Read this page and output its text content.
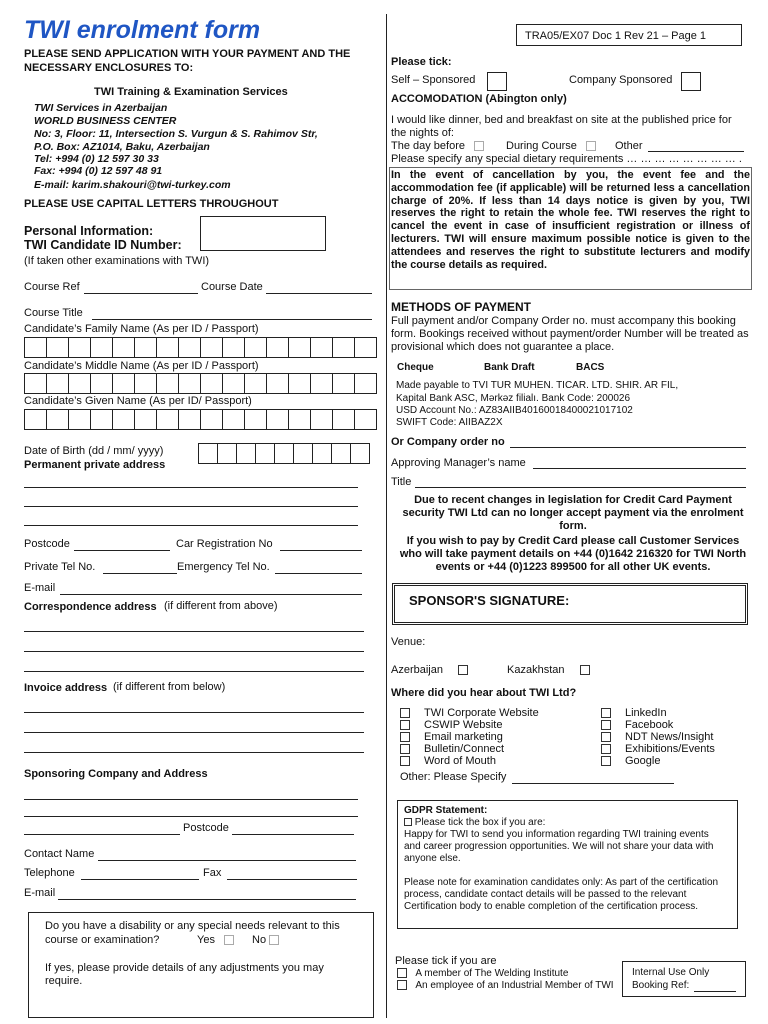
TWI enrolment form
PLEASE SEND APPLICATION WITH YOUR PAYMENT AND THE
NECESSARY ENCLOSURES TO:
TWI Training & Examination Services
TWI Services in Azerbaijan
WORLD BUSINESS CENTER
No: 3, Floor: 11, Intersection S. Vurgun & S. Rahimov Str,
P.O. Box: AZ1014, Baku, Azerbaijan
Tel: +994 (0) 12 597 30 33
Fax: +994 (0) 12 597 48 91
E-mail: karim.shakouri@twi-turkey.com
PLEASE USE CAPITAL LETTERS THROUGHOUT
Personal Information:
TWI Candidate ID Number:
(If taken other examinations with TWI)
Course Ref	Course Date
Course Title
Candidate’s Family Name (As per ID / Passport)
Candidate’s Middle Name (As per ID / Passport)
Candidate’s Given Name (As per ID/ Passport)
Date of Birth (dd / mm/ yyyy)
Permanent private address
Postcode	Car Registration No
Private Tel No.	Emergency Tel No.
E-mail
Correspondence address (if different from above)
Invoice address (if different from below)
Sponsoring Company and Address
Postcode
Contact Name
Telephone	Fax
E-mail
Do you have a disability or any special needs relevant to this
course or examination?	Yes	No
If yes, please provide details of any adjustments you may
require.
TRA05/EX07 Doc 1 Rev 21 – Page 1
Please tick:
Self – Sponsored	Company Sponsored
ACCOMODATION (Abington only)
I would like dinner, bed and breakfast on site at the published price for
the nights of:
The day before	During Course	Other
Please specify any special dietary requirements … … … … … … … … .
In the event of cancellation by you, the event fee and the accommodation fee (if applicable) will be returned less a cancellation charge of 20%. If less than 14 days notice is given by you, TWI reserves the right to retain the whole fee. TWI reserves the right to cancel the event in case of insufficient registration or illness of lecturers. TWI will ensure maximum possible notice is given to the attendees and reserves the right to substitute lecturers and modify the course details as required.
METHODS OF PAYMENT
Full payment and/or Company Order no. must accompany this booking form. Bookings received without payment/order Number will be treated as provisional which does not guarantee a place.
Cheque	Bank Draft	BACS
Made payable to TVI TUR MUHEN. TICAR. LTD. SHIR. AR FIL,
Kapital Bank ASC, Mərkəz filialı. Bank Code: 200026
USD Account No.: AZ83AIIB40160018400021017102
SWIFT Code: AIIBAZ2X
Or Company order no
Approving Manager’s name
Title
Due to recent changes in legislation for Credit Card Payment security TWI Ltd can no longer accept payment via the enrolment form.
If you wish to pay by Credit Card please call Customer Services who will take payment details on +44 (0)1642 216320 for TWI North events or +44 (0)1223 899500 for all other UK events.
SPONSOR'S SIGNATURE:
Venue:
Azerbaijan	Kazakhstan
Where did you hear about TWI Ltd?
TWI Corporate Website
CSWIP Website
Email marketing
Bulletin/Connect
Word of Mouth
LinkedIn
Facebook
NDT News/Insight
Exhibitions/Events
Google
Other: Please Specify
GDPR Statement:
Please tick the box if you are:
Happy for TWI to send you information regarding TWI training events and career progression opportunities. We will not share your data with anyone else.
Please note for examination candidates only: As part of the certification process, candidate contact details will be passed to the relevant Certification body to enable completion of the certification process.
Please tick if you are
A member of The Welding Institute
An employee of an Industrial Member of TWI
Internal Use Only
Booking Ref:
